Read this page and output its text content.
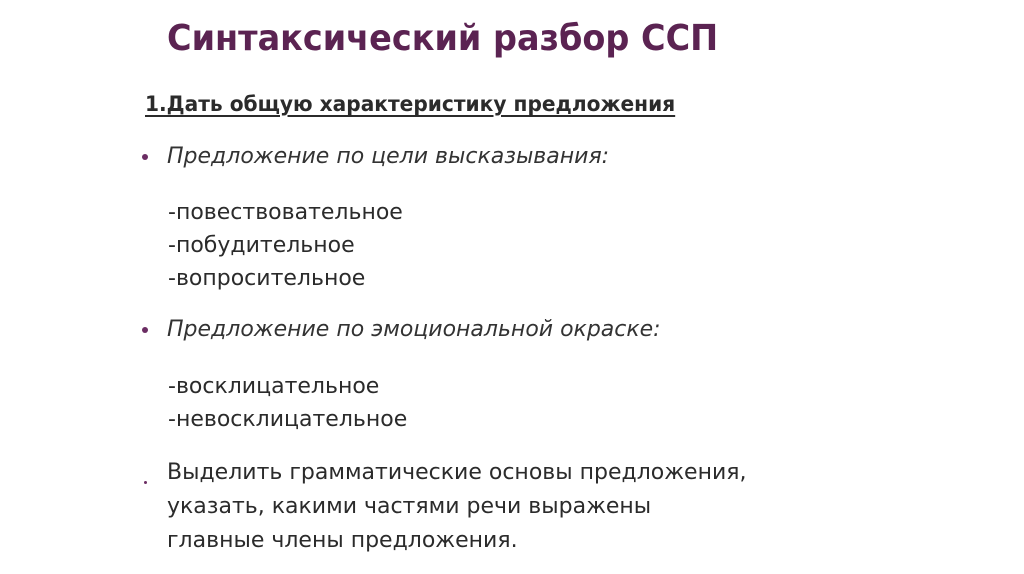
Синтаксический разбор ССП
1.Дать общую характеристику предложения
Предложение по цели высказывания:
-повествовательное
-побудительное
-вопросительное
Предложение по эмоциональной окраске:
-восклицательное
-невосклицательное
Выделить грамматические основы предложения,
указать, какими частями речи выражены
главные члены предложения.
